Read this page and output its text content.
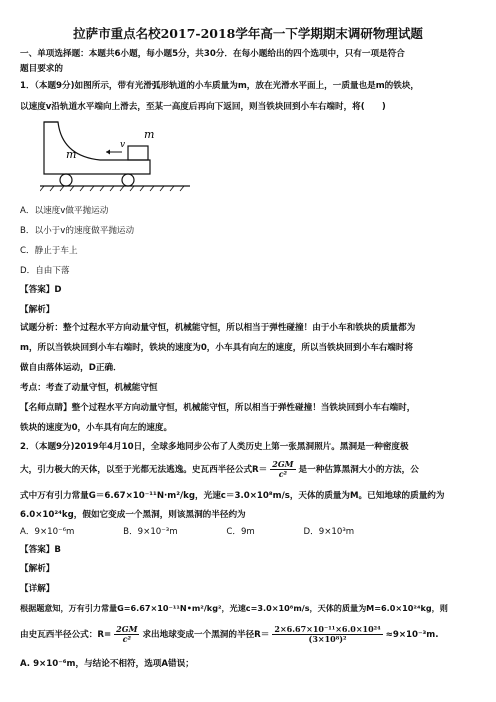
拉萨市重点名校2017-2018学年高一下学期期末调研物理试题
一、单项选择题：本题共6小题，每小题5分，共30分．在每小题给出的四个选项中，只有一项是符合
题目要求的
1．（本题9分)如图所示，带有光滑弧形轨道的小车质量为m，放在光滑水平面上，一质量也是m的铁块，
以速度v沿轨道水平端向上滑去，至某一高度后再向下返回，则当铁块回到小车右端时，将(　　)
m
m
v
A．以速度v做平抛运动
B．以小于v的速度做平抛运动
C．静止于车上
D．自由下落
【答案】D
【解析】
试题分析：整个过程水平方向动量守恒，机械能守恒，所以相当于弹性碰撞！由于小车和铁块的质量都为
m，所以当铁块回到小车右端时，铁块的速度为0，小车具有向左的速度，所以当铁块回到小车右端时将
做自由落体运动，D正确．
考点：考查了动量守恒，机械能守恒
【名师点睛】整个过程水平方向动量守恒，机械能守恒，所以相当于弹性碰撞！当铁块回到小车右端时，
铁块的速度为0，小车具有向左的速度。
2．（本题9分)2019年4月10日，全球多地同步公布了人类历史上第一张黑洞照片。黑洞是一种密度极
大，引力极大的天体，以至于光都无法逃逸。史瓦西半径公式$R= \frac{2GM}{\text{c²}}$ 是一种估算黑洞大小的方法，公
式中万有引力常量G＝6.67×10⁻¹¹N·m²/kg，光速c＝3.0×10⁸m/s，天体的质量为M。已知地球的质量约为
6.0×10²⁴kg，假如它变成一个黑洞，则该黑洞的半径约为
A．9×10⁻⁶m	B．9×10⁻³m	C．9m	D．9×10³m
【答案】B
【解析】
【详解】
根据题意知，万有引力常量G=6.67×10⁻¹¹N•m²/kg²，光速c=3.0×10⁸m/s，天体的质量为M=6.0×10²⁴kg，则
由史瓦西半径公式：$R= \frac{2GM}{\text{c²}}$ 求出地球变成一个黑洞的半径$R= \frac{\text{2×6.67×10⁻¹¹×6.0×10²⁴}}{\text{(3×10⁸)²}} \approx 9\times 10^{-3}m$.
A. 9×10⁻⁶m，与结论不相符，选项A错误；
